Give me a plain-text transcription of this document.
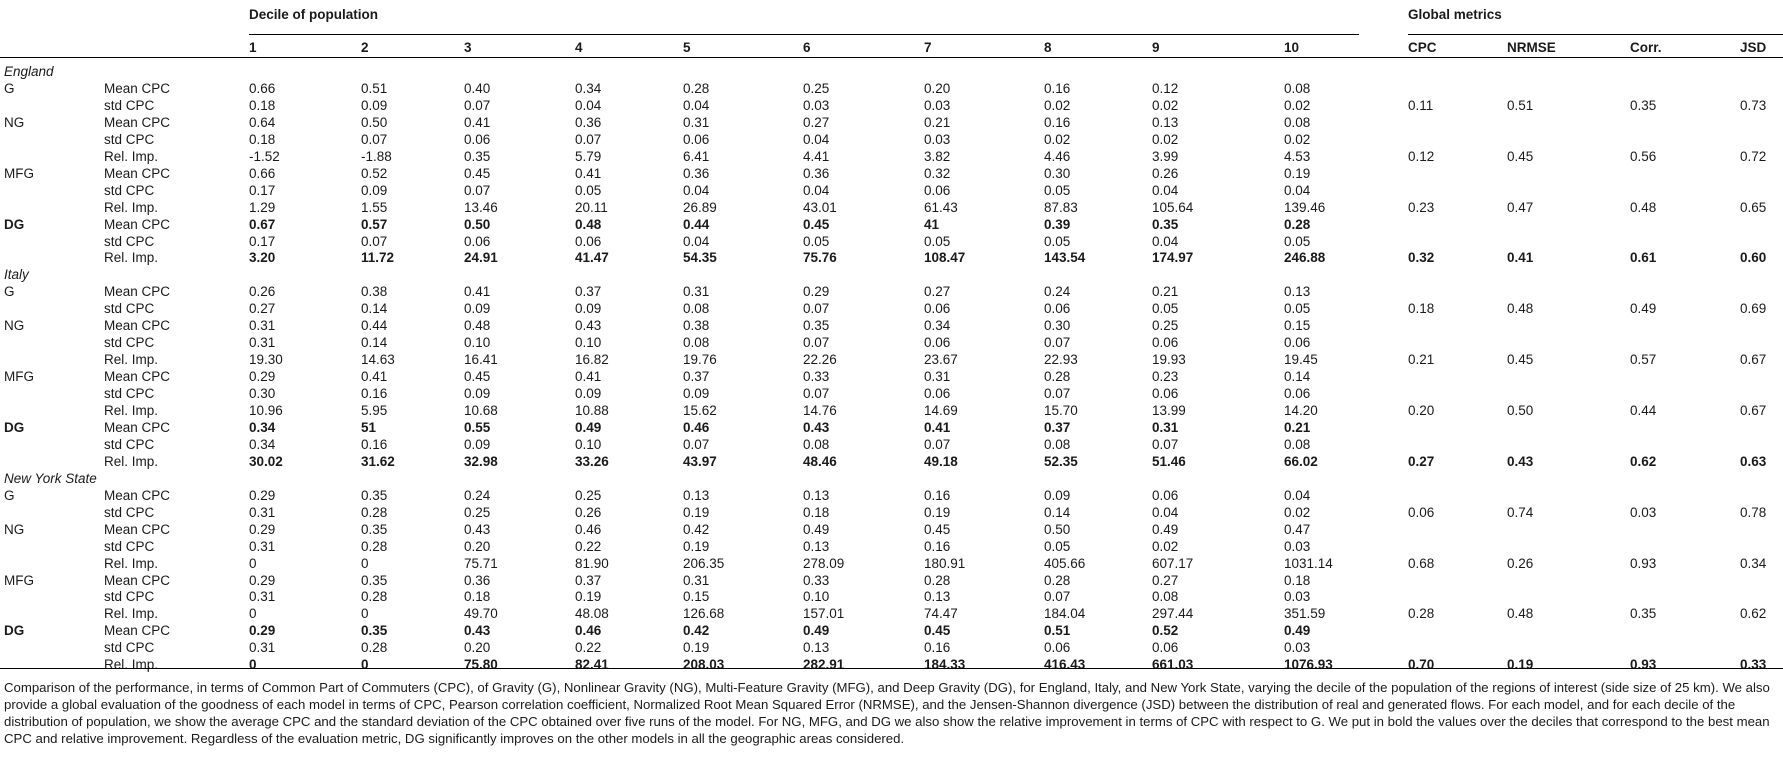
Decile of population	Global metrics
1	2	3	4	5	6	7	8	9	10	CPC	NRMSE	Corr.	JSD
England
G	Mean CPC	0.66	0.51	0.40	0.34	0.28	0.25	0.20	0.16	0.12	0.08
std CPC	0.18	0.09	0.07	0.04	0.04	0.03	0.03	0.02	0.02	0.02	0.11	0.51	0.35	0.73
NG	Mean CPC	0.64	0.50	0.41	0.36	0.31	0.27	0.21	0.16	0.13	0.08
std CPC	0.18	0.07	0.06	0.07	0.06	0.04	0.03	0.02	0.02	0.02
Rel. Imp.	-1.52	-1.88	0.35	5.79	6.41	4.41	3.82	4.46	3.99	4.53	0.12	0.45	0.56	0.72
MFG	Mean CPC	0.66	0.52	0.45	0.41	0.36	0.36	0.32	0.30	0.26	0.19
std CPC	0.17	0.09	0.07	0.05	0.04	0.04	0.06	0.05	0.04	0.04
Rel. Imp.	1.29	1.55	13.46	20.11	26.89	43.01	61.43	87.83	105.64	139.46	0.23	0.47	0.48	0.65
DG	Mean CPC	0.67	0.57	0.50	0.48	0.44	0.45	41	0.39	0.35	0.28
std CPC	0.17	0.07	0.06	0.06	0.04	0.05	0.05	0.05	0.04	0.05
Rel. Imp.	3.20	11.72	24.91	41.47	54.35	75.76	108.47	143.54	174.97	246.88	0.32	0.41	0.61	0.60
Italy
G	Mean CPC	0.26	0.38	0.41	0.37	0.31	0.29	0.27	0.24	0.21	0.13
std CPC	0.27	0.14	0.09	0.09	0.08	0.07	0.06	0.06	0.05	0.05	0.18	0.48	0.49	0.69
NG	Mean CPC	0.31	0.44	0.48	0.43	0.38	0.35	0.34	0.30	0.25	0.15
std CPC	0.31	0.14	0.10	0.10	0.08	0.07	0.06	0.07	0.06	0.06
Rel. Imp.	19.30	14.63	16.41	16.82	19.76	22.26	23.67	22.93	19.93	19.45	0.21	0.45	0.57	0.67
MFG	Mean CPC	0.29	0.41	0.45	0.41	0.37	0.33	0.31	0.28	0.23	0.14
std CPC	0.30	0.16	0.09	0.09	0.09	0.07	0.06	0.07	0.06	0.06
Rel. Imp.	10.96	5.95	10.68	10.88	15.62	14.76	14.69	15.70	13.99	14.20	0.20	0.50	0.44	0.67
DG	Mean CPC	0.34	51	0.55	0.49	0.46	0.43	0.41	0.37	0.31	0.21
std CPC	0.34	0.16	0.09	0.10	0.07	0.08	0.07	0.08	0.07	0.08
Rel. Imp.	30.02	31.62	32.98	33.26	43.97	48.46	49.18	52.35	51.46	66.02	0.27	0.43	0.62	0.63
New York State
G	Mean CPC	0.29	0.35	0.24	0.25	0.13	0.13	0.16	0.09	0.06	0.04
std CPC	0.31	0.28	0.25	0.26	0.19	0.18	0.19	0.14	0.04	0.02	0.06	0.74	0.03	0.78
NG	Mean CPC	0.29	0.35	0.43	0.46	0.42	0.49	0.45	0.50	0.49	0.47
std CPC	0.31	0.28	0.20	0.22	0.19	0.13	0.16	0.05	0.02	0.03
Rel. Imp.	0	0	75.71	81.90	206.35	278.09	180.91	405.66	607.17	1031.14	0.68	0.26	0.93	0.34
MFG	Mean CPC	0.29	0.35	0.36	0.37	0.31	0.33	0.28	0.28	0.27	0.18
std CPC	0.31	0.28	0.18	0.19	0.15	0.10	0.13	0.07	0.08	0.03
Rel. Imp.	0	0	49.70	48.08	126.68	157.01	74.47	184.04	297.44	351.59	0.28	0.48	0.35	0.62
DG	Mean CPC	0.29	0.35	0.43	0.46	0.42	0.49	0.45	0.51	0.52	0.49
std CPC	0.31	0.28	0.20	0.22	0.19	0.13	0.16	0.06	0.06	0.03
Rel. Imp.	0	0	75.80	82.41	208.03	282.91	184.33	416.43	661.03	1076.93	0.70	0.19	0.93	0.33
Comparison of the performance, in terms of Common Part of Commuters (CPC), of Gravity (G), Nonlinear Gravity (NG), Multi-Feature Gravity (MFG), and Deep Gravity (DG), for England, Italy, and New York State, varying the decile of the population of the regions of interest (side size of 25 km). We also provide a global evaluation of the goodness of each model in terms of CPC, Pearson correlation coefficient, Normalized Root Mean Squared Error (NRMSE), and the Jensen-Shannon divergence (JSD) between the distribution of real and generated flows. For each model, and for each decile of the distribution of population, we show the average CPC and the standard deviation of the CPC obtained over five runs of the model. For NG, MFG, and DG we also show the relative improvement in terms of CPC with respect to G. We put in bold the values over the deciles that correspond to the best mean CPC and relative improvement. Regardless of the evaluation metric, DG significantly improves on the other models in all the geographic areas considered.
